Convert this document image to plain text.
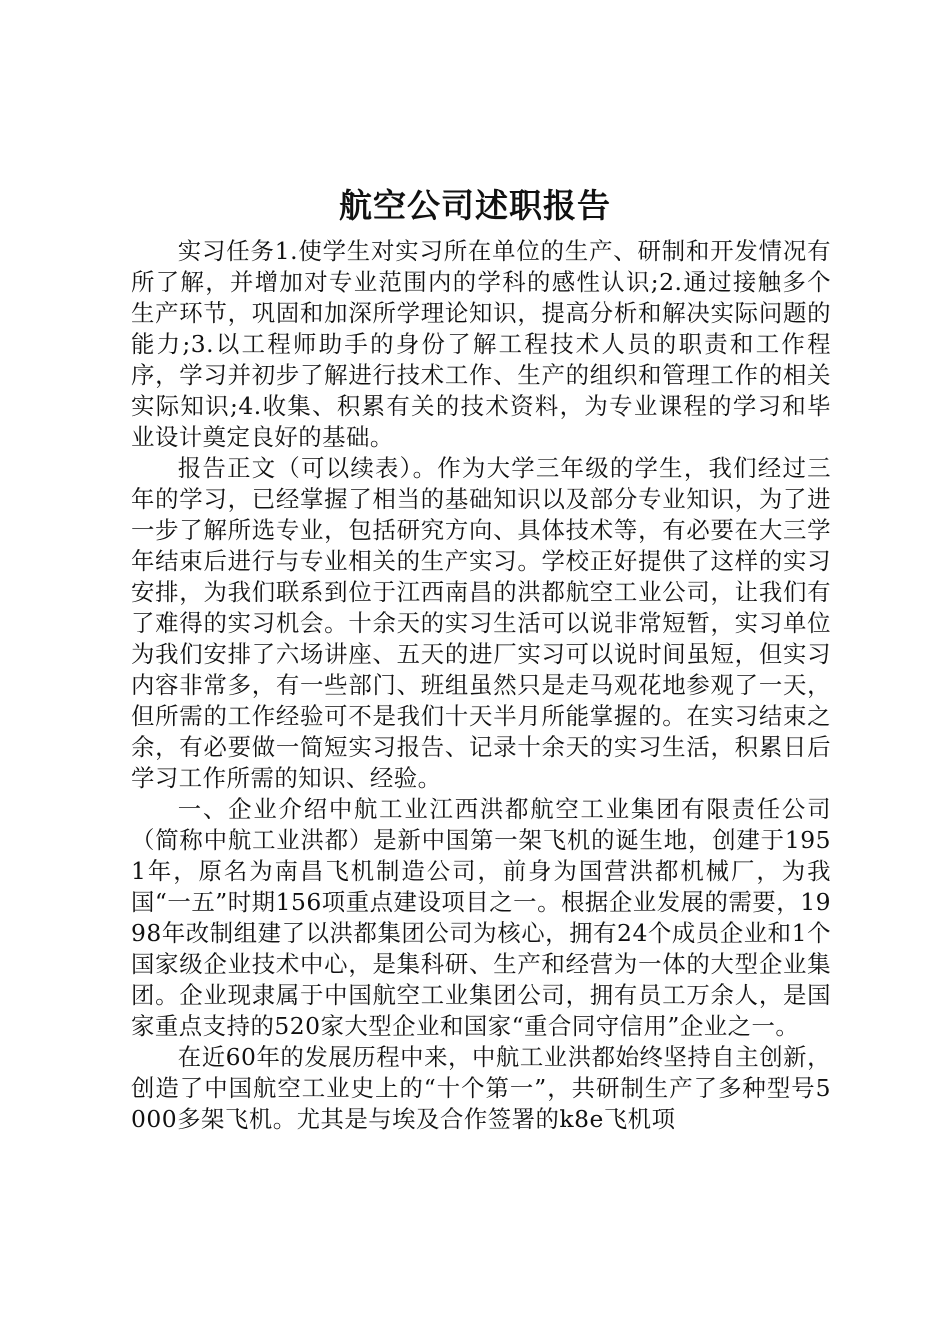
航空公司述职报告

实习任务1.使学生对实习所在单位的生产、研制和开发情况有所了解，并增加对专业范围内的学科的感性认识;2.通过接触多个生产环节，巩固和加深所学理论知识，提高分析和解决实际问题的能力;3.以工程师助手的身份了解工程技术人员的职责和工作程序，学习并初步了解进行技术工作、生产的组织和管理工作的相关实际知识;4.收集、积累有关的技术资料，为专业课程的学习和毕业设计奠定良好的基础。

报告正文（可以续表）。作为大学三年级的学生，我们经过三年的学习，已经掌握了相当的基础知识以及部分专业知识，为了进一步了解所选专业，包括研究方向、具体技术等，有必要在大三学年结束后进行与专业相关的生产实习。学校正好提供了这样的实习安排，为我们联系到位于江西南昌的洪都航空工业公司，让我们有了难得的实习机会。十余天的实习生活可以说非常短暂，实习单位为我们安排了六场讲座、五天的进厂实习可以说时间虽短，但实习内容非常多，有一些部门、班组虽然只是走马观花地参观了一天，但所需的工作经验可不是我们十天半月所能掌握的。在实习结束之余，有必要做一简短实习报告、记录十余天的实习生活，积累日后学习工作所需的知识、经验。

一、企业介绍中航工业江西洪都航空工业集团有限责任公司（简称中航工业洪都）是新中国第一架飞机的诞生地，创建于1951年，原名为南昌飞机制造公司，前身为国营洪都机械厂，为我国“一五”时期156项重点建设项目之一。根据企业发展的需要，1998年改制组建了以洪都集团公司为核心，拥有24个成员企业和1个国家级企业技术中心，是集科研、生产和经营为一体的大型企业集团。企业现隶属于中国航空工业集团公司，拥有员工万余人，是国家重点支持的520家大型企业和国家“重合同守信用”企业之一。

在近60年的发展历程中来，中航工业洪都始终坚持自主创新，创造了中国航空工业史上的“十个第一”，共研制生产了多种型号5000多架飞机。尤其是与埃及合作签署的k8e飞机项
